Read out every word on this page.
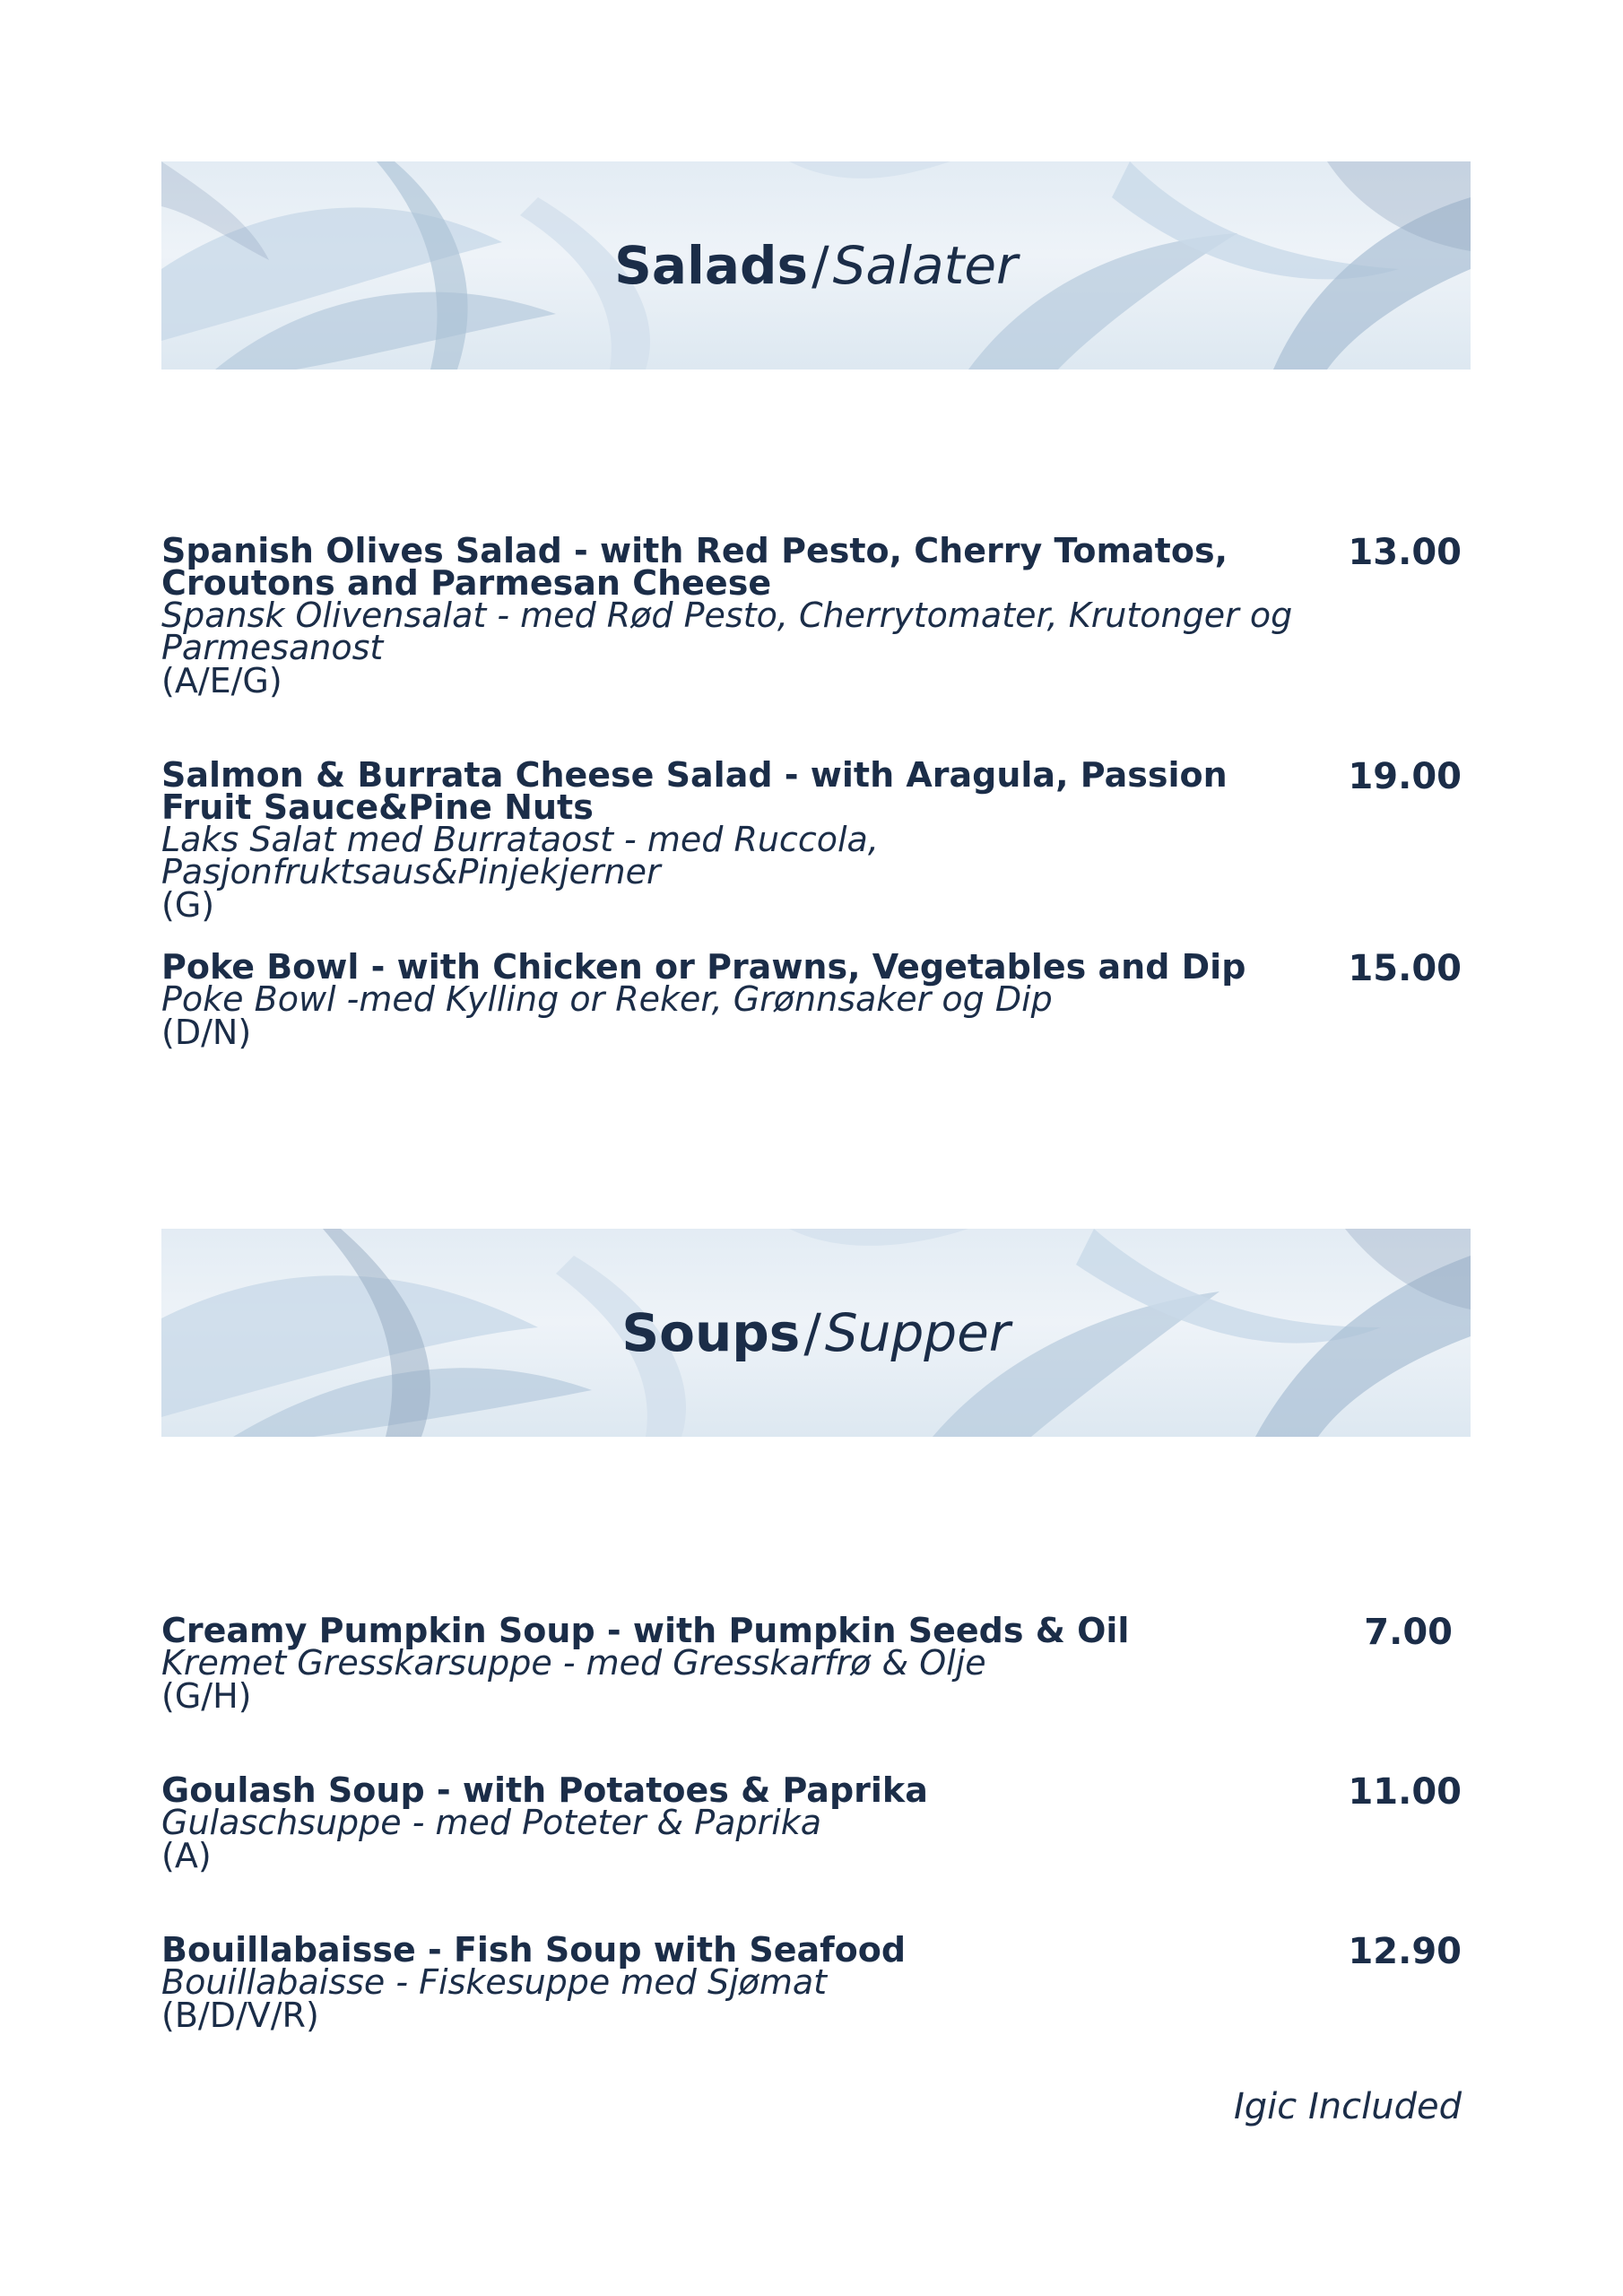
Salads/Salater
Spanish Olives Salad - with Red Pesto, Cherry Tomatos, Croutons and Parmesan Cheese
Spansk Olivensalat - med Rød Pesto, Cherrytomater, Krutonger og Parmesanost
(A/E/G)
13.00
Salmon & Burrata Cheese Salad - with Aragula, Passion Fruit Sauce&Pine Nuts
Laks Salat med Burrataost - med Ruccola, Pasjonfruktsaus&Pinjekjerner
(G)
19.00
Poke Bowl - with Chicken or Prawns, Vegetables and Dip
Poke Bowl -med Kylling or Reker, Grønnsaker og Dip
(D/N)
15.00
Soups/Supper
Creamy Pumpkin Soup - with Pumpkin Seeds & Oil
Kremet Gresskarsuppe - med Gresskarfrø & Olje
(G/H)
7.00
Goulash Soup - with Potatoes & Paprika
Gulaschsuppe - med Poteter & Paprika
(A)
11.00
Bouillabaisse - Fish Soup with Seafood
Bouillabaisse - Fiskesuppe med Sjømat
(B/D/V/R)
12.90
Igic Included
